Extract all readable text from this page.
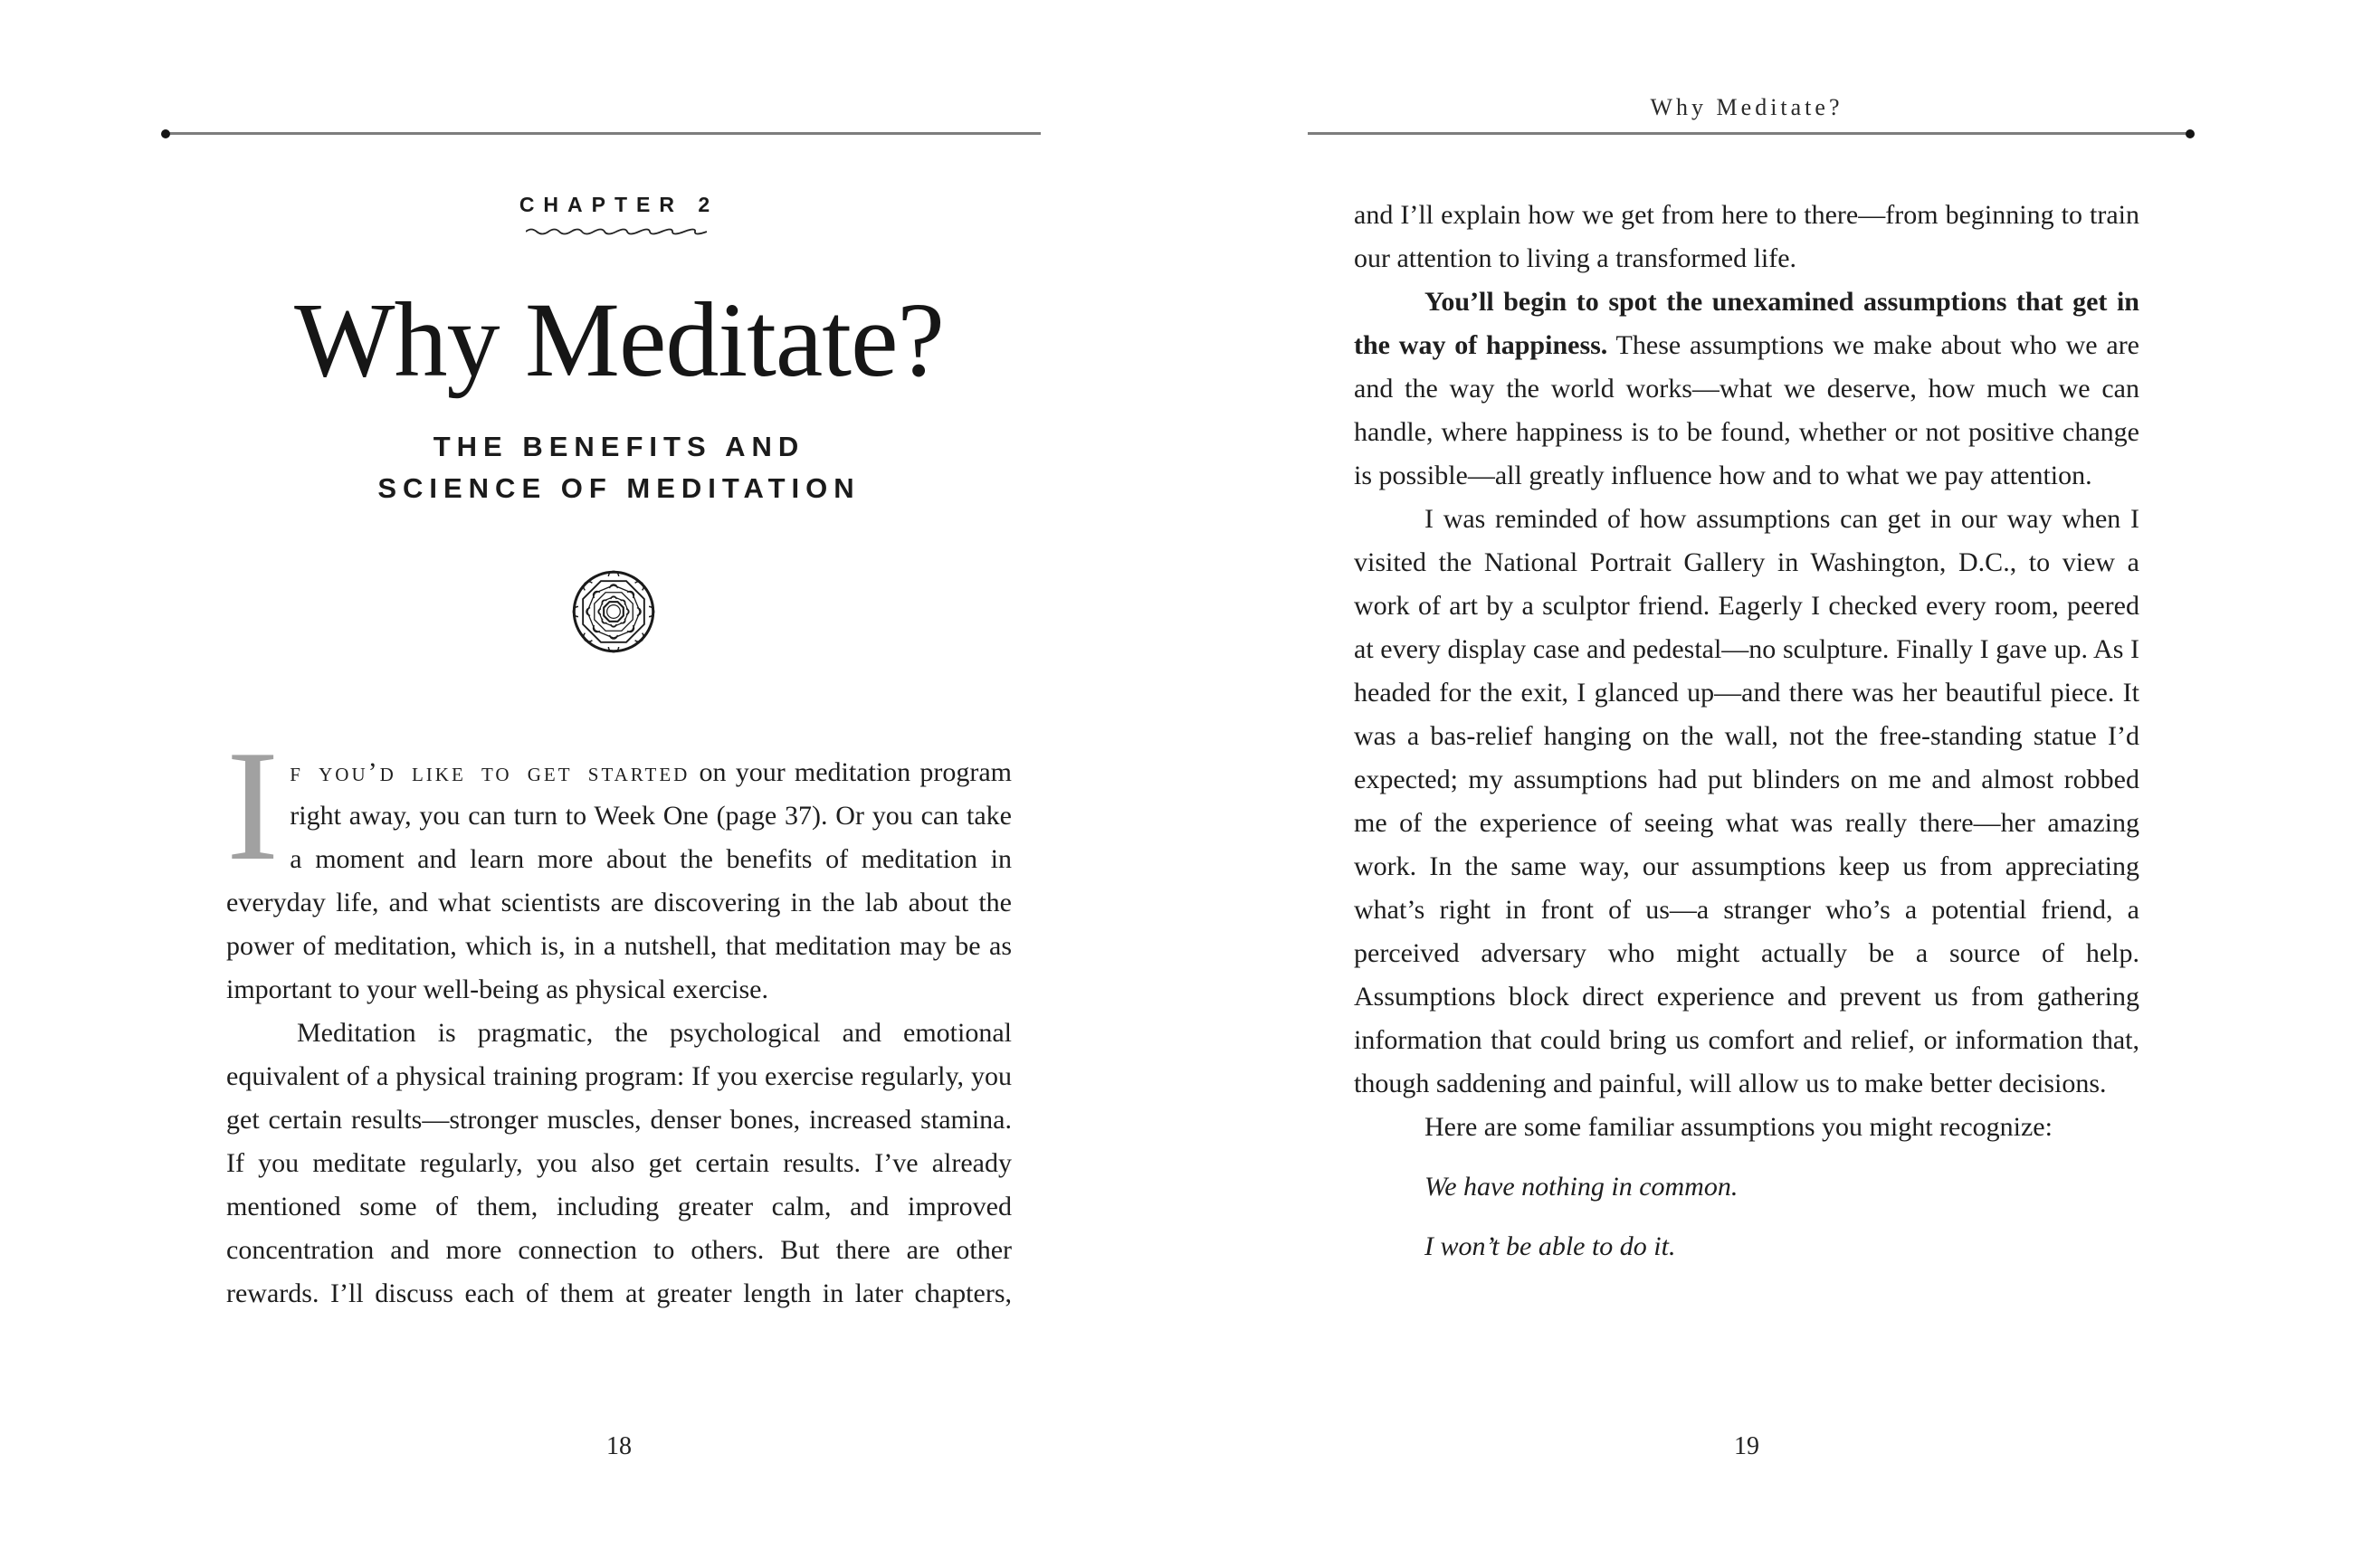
CHAPTER 2
Why Meditate?
THE BENEFITS AND
SCIENCE OF MEDITATION

If you’d like to get started on your meditation program right away, you can turn to Week One (page 37). Or you can take a moment and learn more about the benefits of meditation in everyday life, and what scientists are discovering in the lab about the power of meditation, which is, in a nutshell, that meditation may be as important to your well-being as physical exercise.

Meditation is pragmatic, the psychological and emotional equivalent of a physical training program: If you exercise regularly, you get certain results—stronger muscles, denser bones, increased stamina. If you meditate regularly, you also get certain results. I’ve already mentioned some of them, including greater calm, and improved concentration and more connection to others. But there are other rewards. I’ll discuss each of them at greater length in later chapters,

18
Why Meditate?

and I’ll explain how we get from here to there—from beginning to train our attention to living a transformed life.

You’ll begin to spot the unexamined assumptions that get in the way of happiness. These assumptions we make about who we are and the way the world works—what we deserve, how much we can handle, where happiness is to be found, whether or not positive change is possible—all greatly influence how and to what we pay attention.

I was reminded of how assumptions can get in our way when I visited the National Portrait Gallery in Washington, D.C., to view a work of art by a sculptor friend. Eagerly I checked every room, peered at every display case and pedestal—no sculpture. Finally I gave up. As I headed for the exit, I glanced up—and there was her beautiful piece. It was a bas-relief hanging on the wall, not the free-standing statue I’d expected; my assumptions had put blinders on me and almost robbed me of the experience of seeing what was really there—her amazing work. In the same way, our assumptions keep us from appreciating what’s right in front of us—a stranger who’s a potential friend, a perceived adversary who might actually be a source of help. Assumptions block direct experience and prevent us from gathering information that could bring us comfort and relief, or information that, though saddening and painful, will allow us to make better decisions.

Here are some familiar assumptions you might recognize:

We have nothing in common.

I won’t be able to do it.

19
